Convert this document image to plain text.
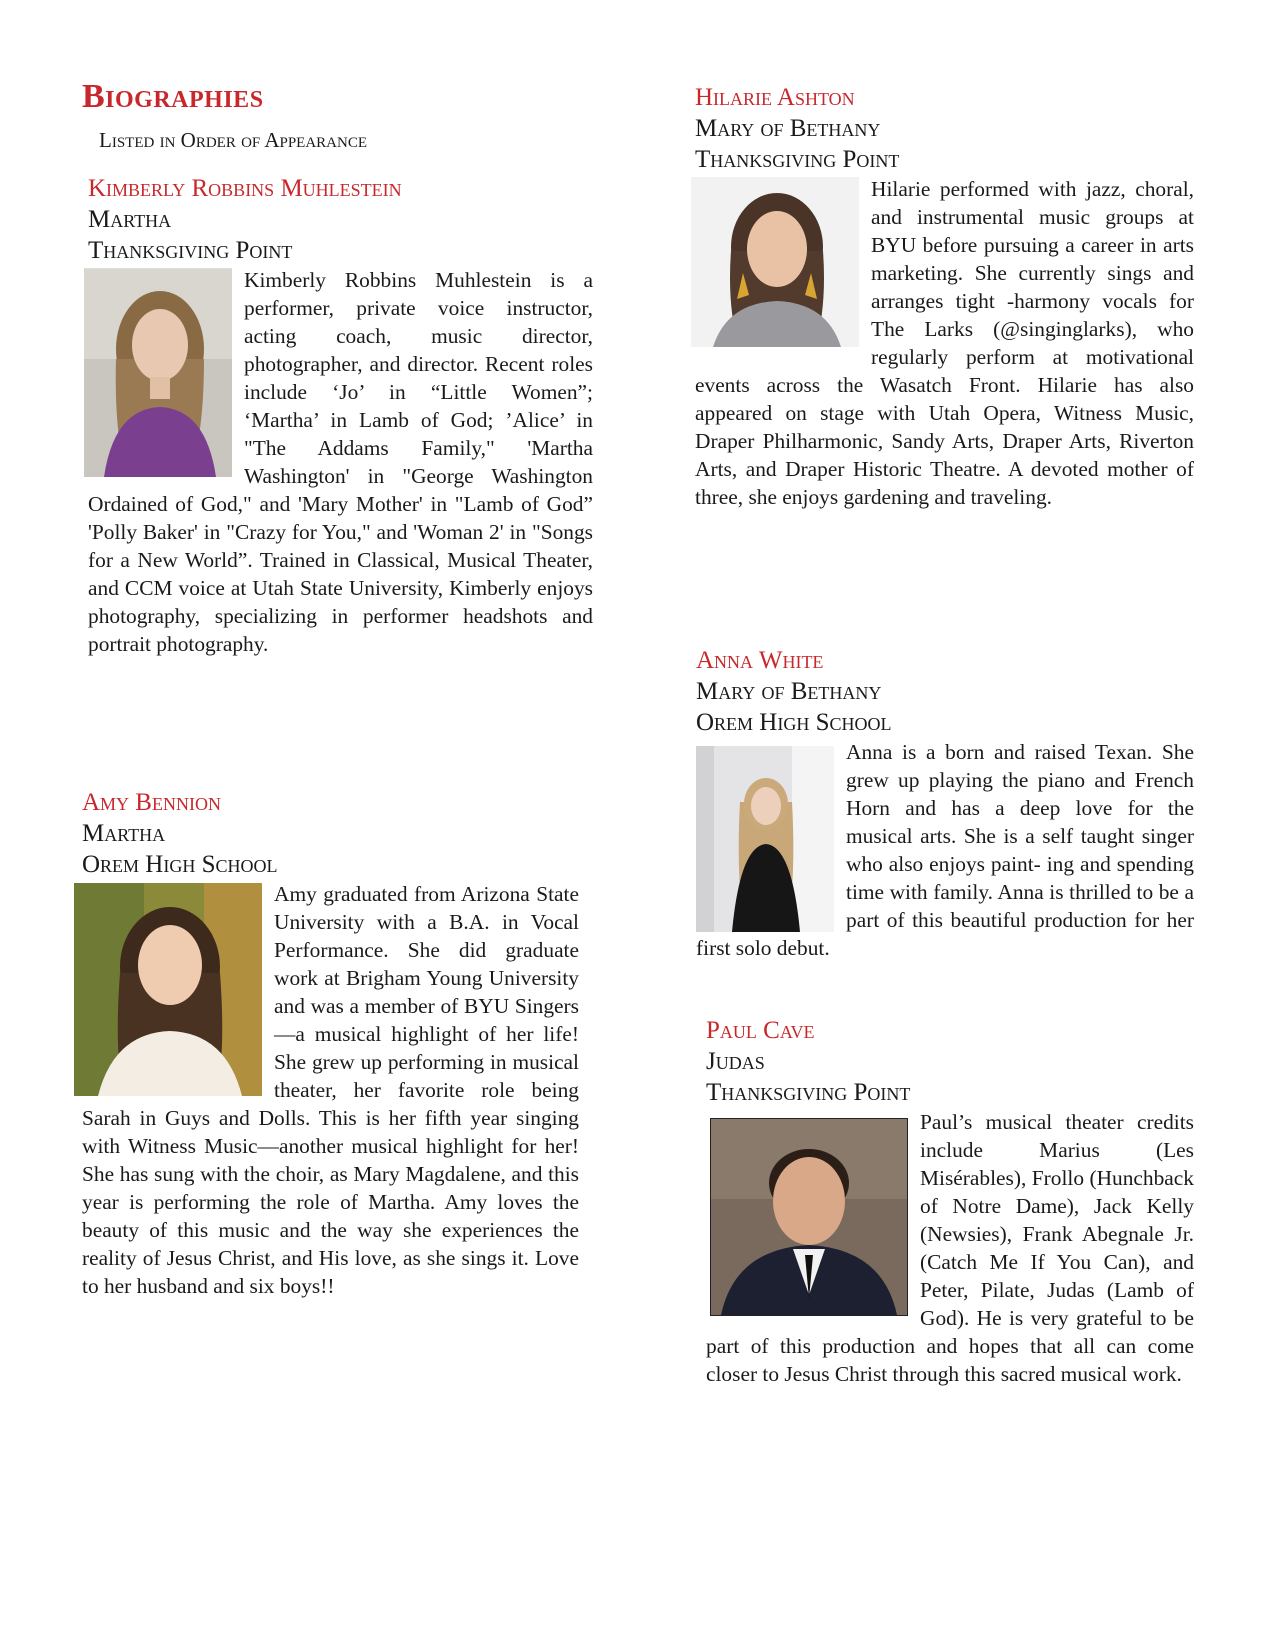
Biographies

Listed in Order of Appearance

Kimberly Robbins Muhlestein

Martha

Thanksgiving Point

Kimberly Robbins Muhlestein is a performer, private voice instructor, acting coach, music director, photographer, and director. Recent roles include ‘Jo’ in “Little Women”; ‘Martha’ in Lamb of God; ’Alice’ in "The Addams Family," 'Martha Washington' in "George Washington Ordained of God," and 'Mary Mother' in "Lamb of God” 'Polly Baker' in "Crazy for You," and 'Woman 2' in "Songs for a New World”. Trained in Classical, Musical Theater, and CCM voice at Utah State University, Kimberly enjoys photography, specializing in performer headshots and portrait photography.

Amy Bennion

Martha

Orem High School

Amy graduated from Arizona State University with a B.A. in Vocal Performance. She did graduate work at Brigham Young University and was a member of BYU Singers—a musical highlight of her life! She grew up performing in musical theater, her favorite role being Sarah in Guys and Dolls. This is her fifth year singing with Witness Music—another musical highlight for her! She has sung with the choir, as Mary Magdalene, and this year is performing the role of Martha. Amy loves the beauty of this music and the way she experiences the reality of Jesus Christ, and His love, as she sings it. Love to her husband and six boys!!

Hilarie Ashton

Mary of Bethany

Thanksgiving Point

Hilarie performed with jazz, choral, and instrumental music groups at BYU before pursuing a career in arts marketing. She currently sings and arranges tight -harmony vocals for The Larks (@singinglarks), who regularly perform at motivational events across the Wasatch Front. Hilarie has also appeared on stage with Utah Opera, Witness Music, Draper Philharmonic, Sandy Arts, Draper Arts, Riverton Arts, and Draper Historic Theatre. A devoted mother of three, she enjoys gardening and traveling.

Anna White

Mary of Bethany

Orem High School

Anna is a born and raised Texan. She grew up playing the piano and French Horn and has a deep love for the musical arts. She is a self taught singer who also enjoys paint- ing and spending time with family. Anna is thrilled to be a part of this beautiful production for her first solo debut.

Paul Cave

Judas

Thanksgiving Point

Paul’s musical theater credits include Marius (Les Misérables), Frollo (Hunchback of Notre Dame), Jack Kelly (Newsies), Frank Abegnale Jr. (Catch Me If You Can), and Peter, Pilate, Judas (Lamb of God). He is very grateful to be part of this production and hopes that all can come closer to Jesus Christ through this sacred musical work.
